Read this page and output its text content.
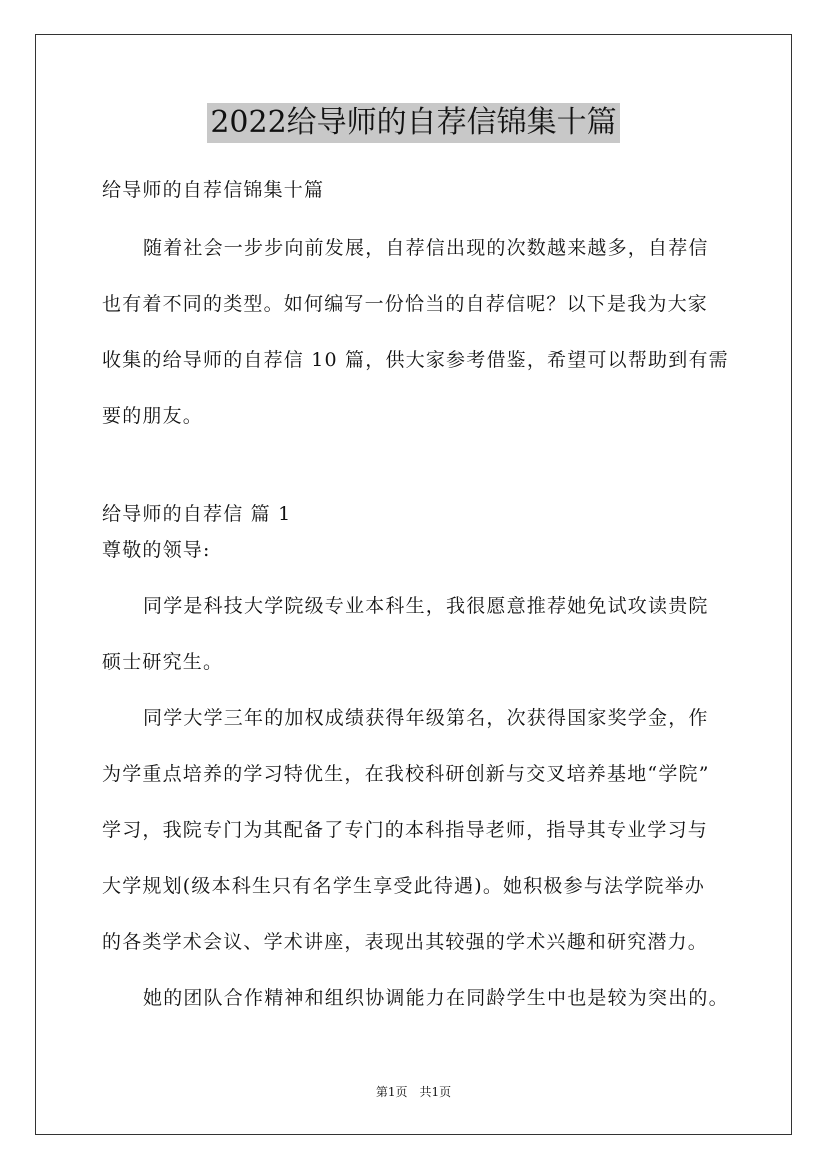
2022给导师的自荐信锦集十篇
给导师的自荐信锦集十篇
随着社会一步步向前发展，自荐信出现的次数越来越多，自荐信
也有着不同的类型。如何编写一份恰当的自荐信呢？以下是我为大家
收集的给导师的自荐信 10 篇，供大家参考借鉴，希望可以帮助到有需
要的朋友。
给导师的自荐信 篇 1
尊敬的领导:
同学是科技大学院级专业本科生，我很愿意推荐她免试攻读贵院
硕士研究生。
同学大学三年的加权成绩获得年级第名，次获得国家奖学金，作
为学重点培养的学习特优生，在我校科研创新与交叉培养基地“学院”
学习，我院专门为其配备了专门的本科指导老师，指导其专业学习与
大学规划(级本科生只有名学生享受此待遇)。她积极参与法学院举办
的各类学术会议、学术讲座，表现出其较强的学术兴趣和研究潜力。
她的团队合作精神和组织协调能力在同龄学生中也是较为突出的。
第1页　共1页
